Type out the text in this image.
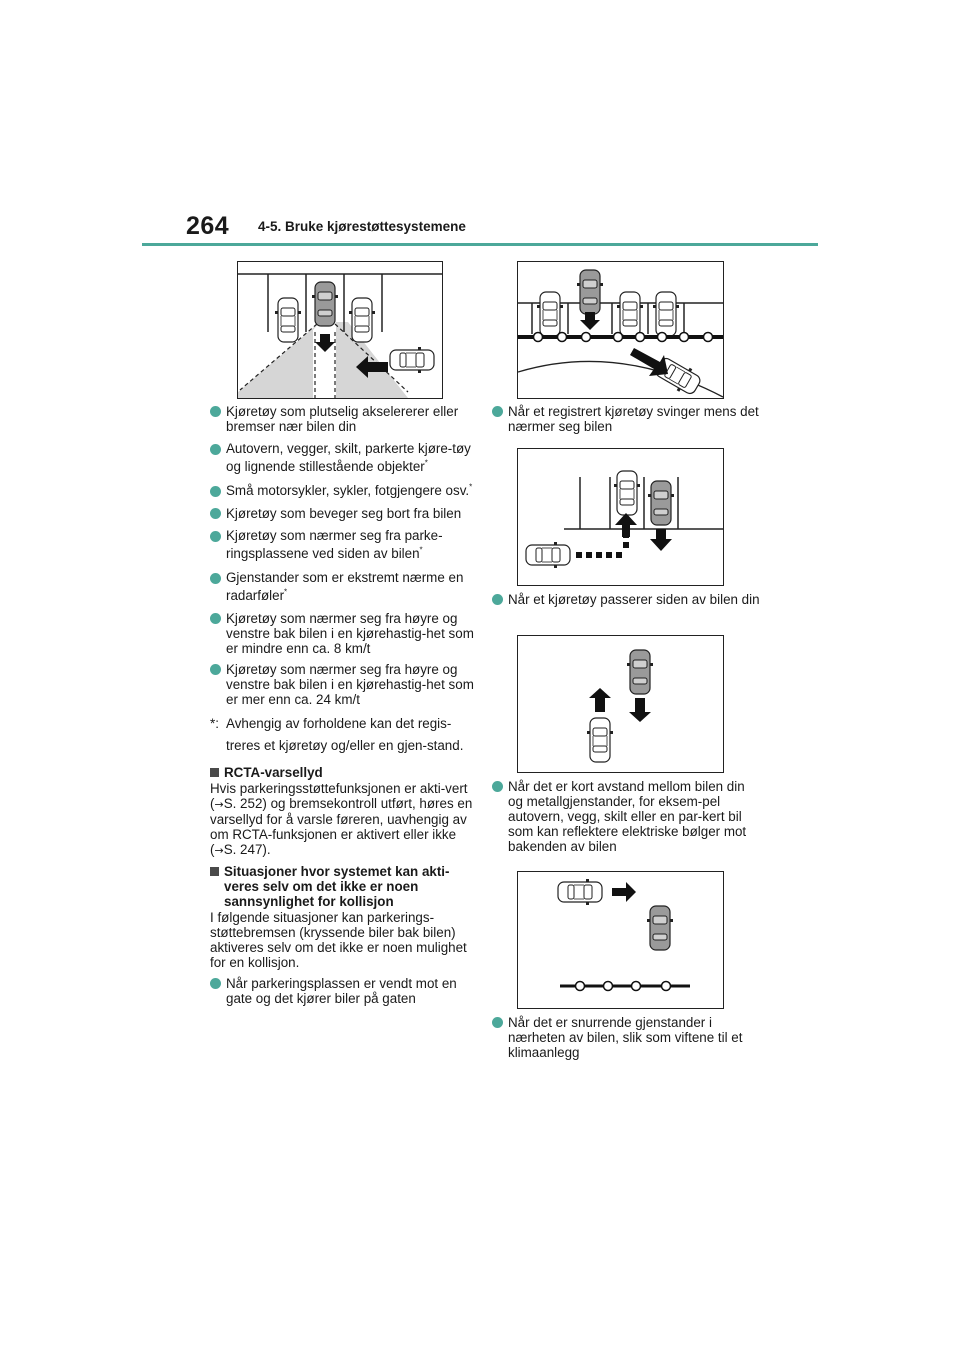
264 4-5. Bruke kjørestøttesystemene
Kjøretøy som plutselig akselererer eller bremser nær bilen din
Autovern, vegger, skilt, parkerte kjøre-tøy og lignende stillestående objekter*
Små motorsykler, sykler, fotgjengere osv.*
Kjøretøy som beveger seg bort fra bilen
Kjøretøy som nærmer seg fra parke-ringsplassene ved siden av bilen*
Gjenstander som er ekstremt nærme en radarføler*
Kjøretøy som nærmer seg fra høyre og venstre bak bilen i en kjørehastig-het som er mindre enn ca. 8 km/t
Kjøretøy som nærmer seg fra høyre og venstre bak bilen i en kjørehastig-het som er mer enn ca. 24 km/t
*: Avhengig av forholdene kan det regis-treres et kjøretøy og/eller en gjen-stand.
RCTA-varsellyd
Hvis parkeringsstøttefunksjonen er akti-vert (→S. 252) og bremsekontroll utført, høres en varsellyd for å varsle føreren, uavhengig av om RCTA-funksjonen er aktivert eller ikke (→S. 247).
Situasjoner hvor systemet kan akti-veres selv om det ikke er noen sannsynlighet for kollisjon
I følgende situasjoner kan parkerings-støttebremsen (kryssende biler bak bilen) aktiveres selv om det ikke er noen mulighet for en kollisjon.
Når parkeringsplassen er vendt mot en gate og det kjører biler på gaten
Når et registrert kjøretøy svinger mens det nærmer seg bilen
Når et kjøretøy passerer siden av bilen din
Når det er kort avstand mellom bilen din og metallgjenstander, for eksem-pel autovern, vegg, skilt eller en par-kert bil som kan reflektere elektriske bølger mot bakenden av bilen
Når det er snurrende gjenstander i nærheten av bilen, slik som viftene til et klimaanlegg
